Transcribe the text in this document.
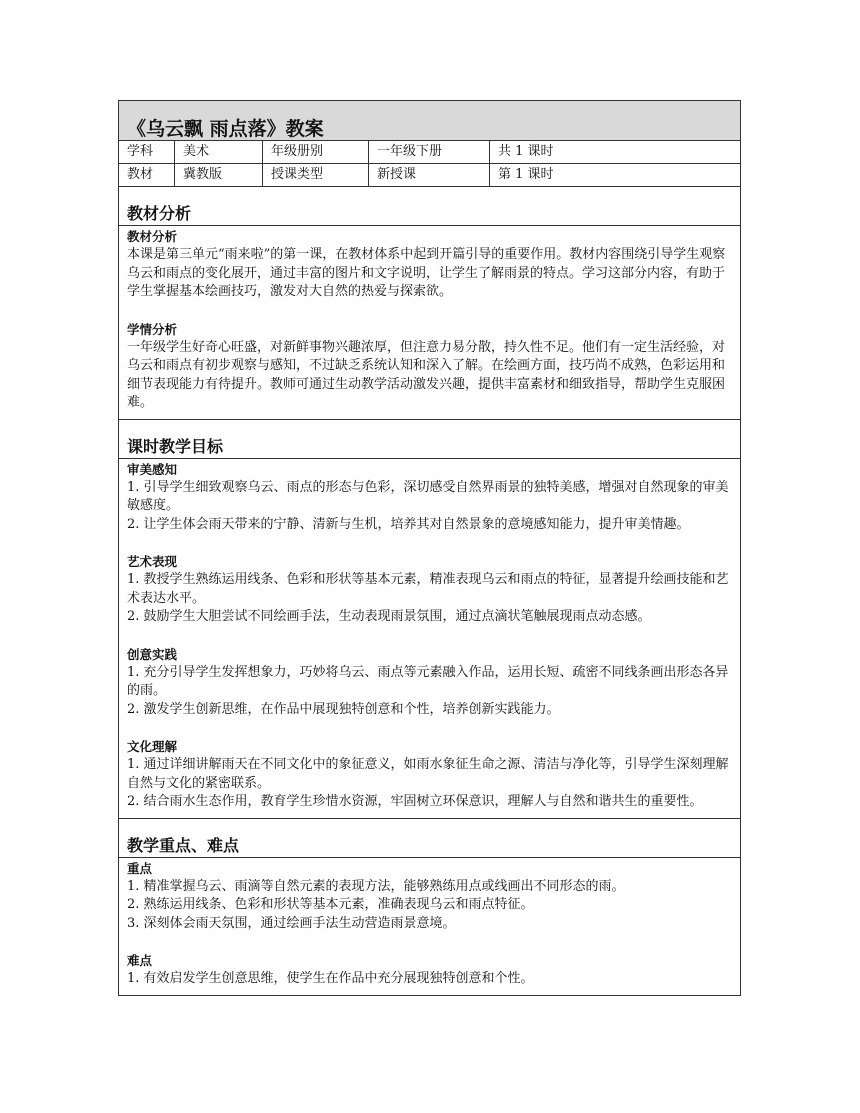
《乌云飘 雨点落》教案
学科	美术	年级册别	一年级下册	共 1 课时
教材	冀教版	授课类型	新授课	第 1 课时
教材分析
教材分析

本课是第三单元“雨来啦”的第一课，在教材体系中起到开篇引导的重要作用。教材内容围绕引导学生观察乌云和雨点的变化展开，通过丰富的图片和文字说明，让学生了解雨景的特点。学习这部分内容，有助于学生掌握基本绘画技巧，激发对大自然的热爱与探索欲。

学情分析

一年级学生好奇心旺盛，对新鲜事物兴趣浓厚，但注意力易分散，持久性不足。他们有一定生活经验，对乌云和雨点有初步观察与感知，不过缺乏系统认知和深入了解。在绘画方面，技巧尚不成熟，色彩运用和细节表现能力有待提升。教师可通过生动教学活动激发兴趣，提供丰富素材和细致指导，帮助学生克服困难。

课时教学目标
审美感知

1. 引导学生细致观察乌云、雨点的形态与色彩，深切感受自然界雨景的独特美感，增强对自然现象的审美敏感度。

2. 让学生体会雨天带来的宁静、清新与生机，培养其对自然景象的意境感知能力，提升审美情趣。

艺术表现

1. 教授学生熟练运用线条、色彩和形状等基本元素，精准表现乌云和雨点的特征，显著提升绘画技能和艺术表达水平。

2. 鼓励学生大胆尝试不同绘画手法，生动表现雨景氛围，通过点滴状笔触展现雨点动态感。

创意实践

1. 充分引导学生发挥想象力，巧妙将乌云、雨点等元素融入作品，运用长短、疏密不同线条画出形态各异的雨。

2. 激发学生创新思维，在作品中展现独特创意和个性，培养创新实践能力。

文化理解

1. 通过详细讲解雨天在不同文化中的象征意义，如雨水象征生命之源、清洁与净化等，引导学生深刻理解自然与文化的紧密联系。

2. 结合雨水生态作用，教育学生珍惜水资源，牢固树立环保意识，理解人与自然和谐共生的重要性。

教学重点、难点
重点

1. 精准掌握乌云、雨滴等自然元素的表现方法，能够熟练用点或线画出不同形态的雨。

2. 熟练运用线条、色彩和形状等基本元素，准确表现乌云和雨点特征。

3. 深刻体会雨天氛围，通过绘画手法生动营造雨景意境。

难点

1. 有效启发学生创意思维，使学生在作品中充分展现独特创意和个性。
